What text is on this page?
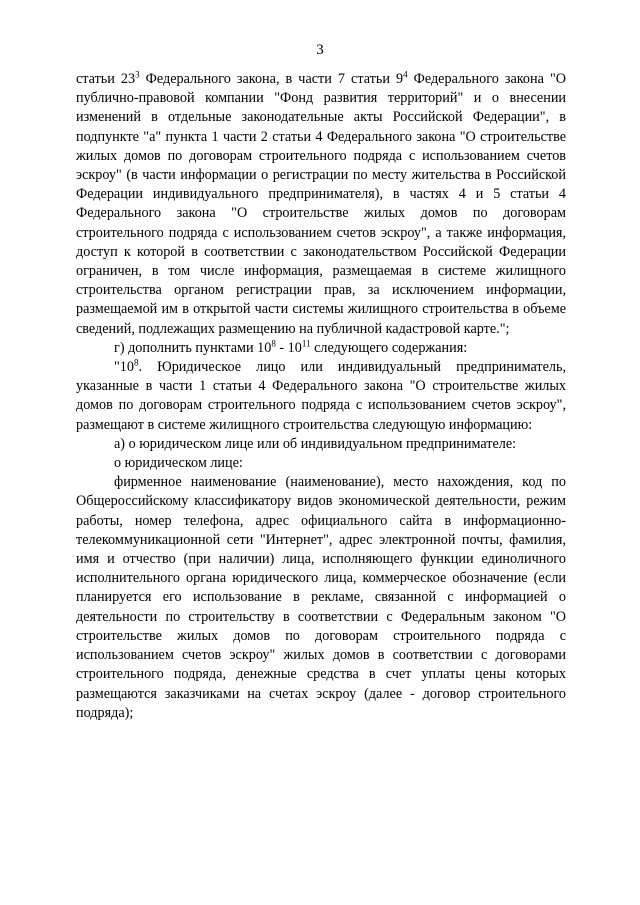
3

статьи $23^3$ Федерального закона, в части 7 статьи $9^4$ Федерального закона "О публично-правовой компании "Фонд развития территорий" и о внесении изменений в отдельные законодательные акты Российской Федерации", в подпункте "а" пункта 1 части 2 статьи 4 Федерального закона "О строительстве жилых домов по договорам строительного подряда с использованием счетов эскроу" (в части информации о регистрации по месту жительства в Российской Федерации индивидуального предпринимателя), в частях 4 и 5 статьи 4 Федерального закона "О строительстве жилых домов по договорам строительного подряда с использованием счетов эскроу", а также информация, доступ к которой в соответствии с законодательством Российской Федерации ограничен, в том числе информация, размещаемая в системе жилищного строительства органом регистрации прав, за исключением информации, размещаемой им в открытой части системы жилищного строительства в объеме сведений, подлежащих размещению на публичной кадастровой карте.";

г) дополнить пунктами $10^8 - 10^{11}$ следующего содержания:

"$10^8$. Юридическое лицо или индивидуальный предприниматель, указанные в части 1 статьи 4 Федерального закона "О строительстве жилых домов по договорам строительного подряда с использованием счетов эскроу", размещают в системе жилищного строительства следующую информацию:

а) о юридическом лице или об индивидуальном предпринимателе:

о юридическом лице:

фирменное наименование (наименование), место нахождения, код по Общероссийскому классификатору видов экономической деятельности, режим работы, номер телефона, адрес официального сайта в информационно-телекоммуникационной сети "Интернет", адрес электронной почты, фамилия, имя и отчество (при наличии) лица, исполняющего функции единоличного исполнительного органа юридического лица, коммерческое обозначение (если планируется его использование в рекламе, связанной с информацией о деятельности по строительству в соответствии с Федеральным законом "О строительстве жилых домов по договорам строительного подряда с использованием счетов эскроу" жилых домов в соответствии с договорами строительного подряда, денежные средства в счет уплаты цены которых размещаются заказчиками на счетах эскроу (далее - договор строительного подряда);
